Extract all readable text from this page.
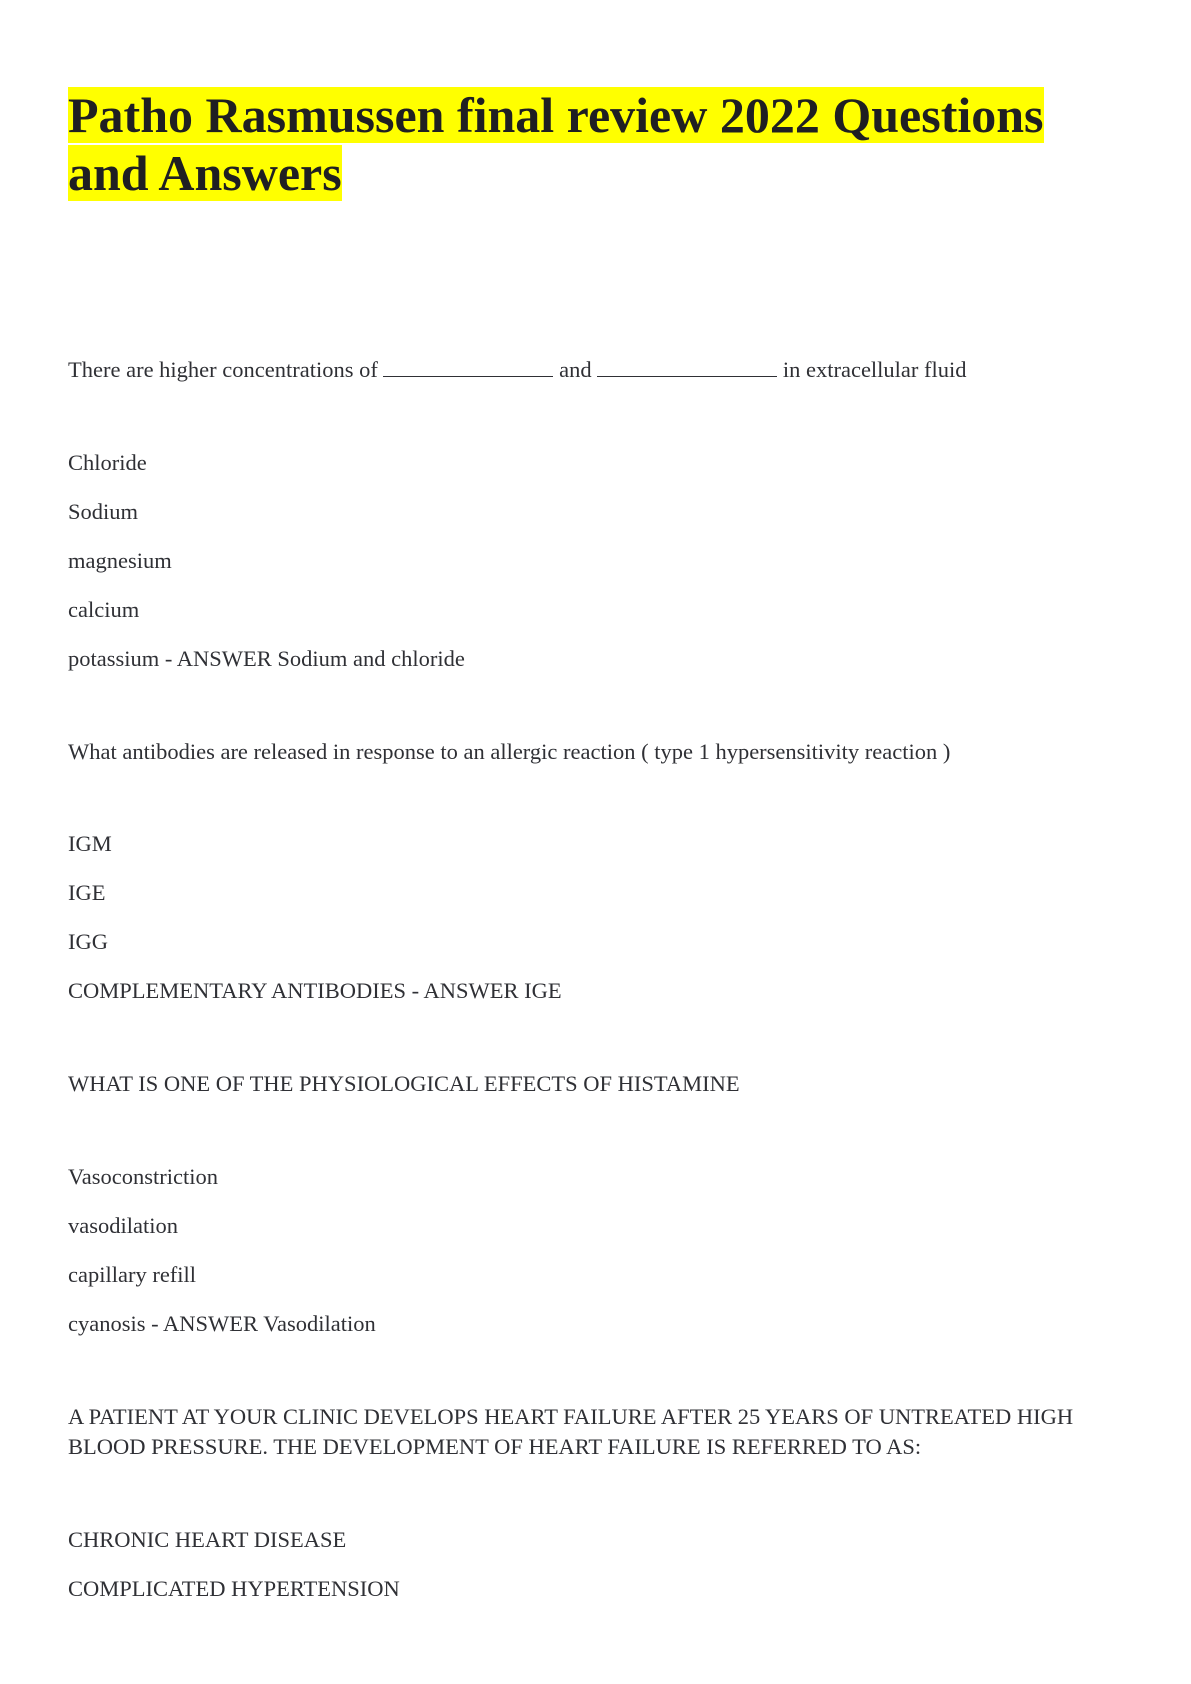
Patho Rasmussen final review 2022 Questions and Answers

There are higher concentrations of	and	in extracellular fluid

Chloride

Sodium

magnesium

calcium

potassium - ANSWER Sodium and chloride

What antibodies are released in response to an allergic reaction ( type 1 hypersensitivity reaction )

IGM

IGE

IGG

COMPLEMENTARY ANTIBODIES - ANSWER IGE

WHAT IS ONE OF THE PHYSIOLOGICAL EFFECTS OF HISTAMINE

Vasoconstriction

vasodilation

capillary refill

cyanosis - ANSWER Vasodilation

A PATIENT AT YOUR CLINIC DEVELOPS HEART FAILURE AFTER 25 YEARS OF UNTREATED HIGH BLOOD PRESSURE. THE DEVELOPMENT OF HEART FAILURE IS REFERRED TO AS:

CHRONIC HEART DISEASE

COMPLICATED HYPERTENSION
